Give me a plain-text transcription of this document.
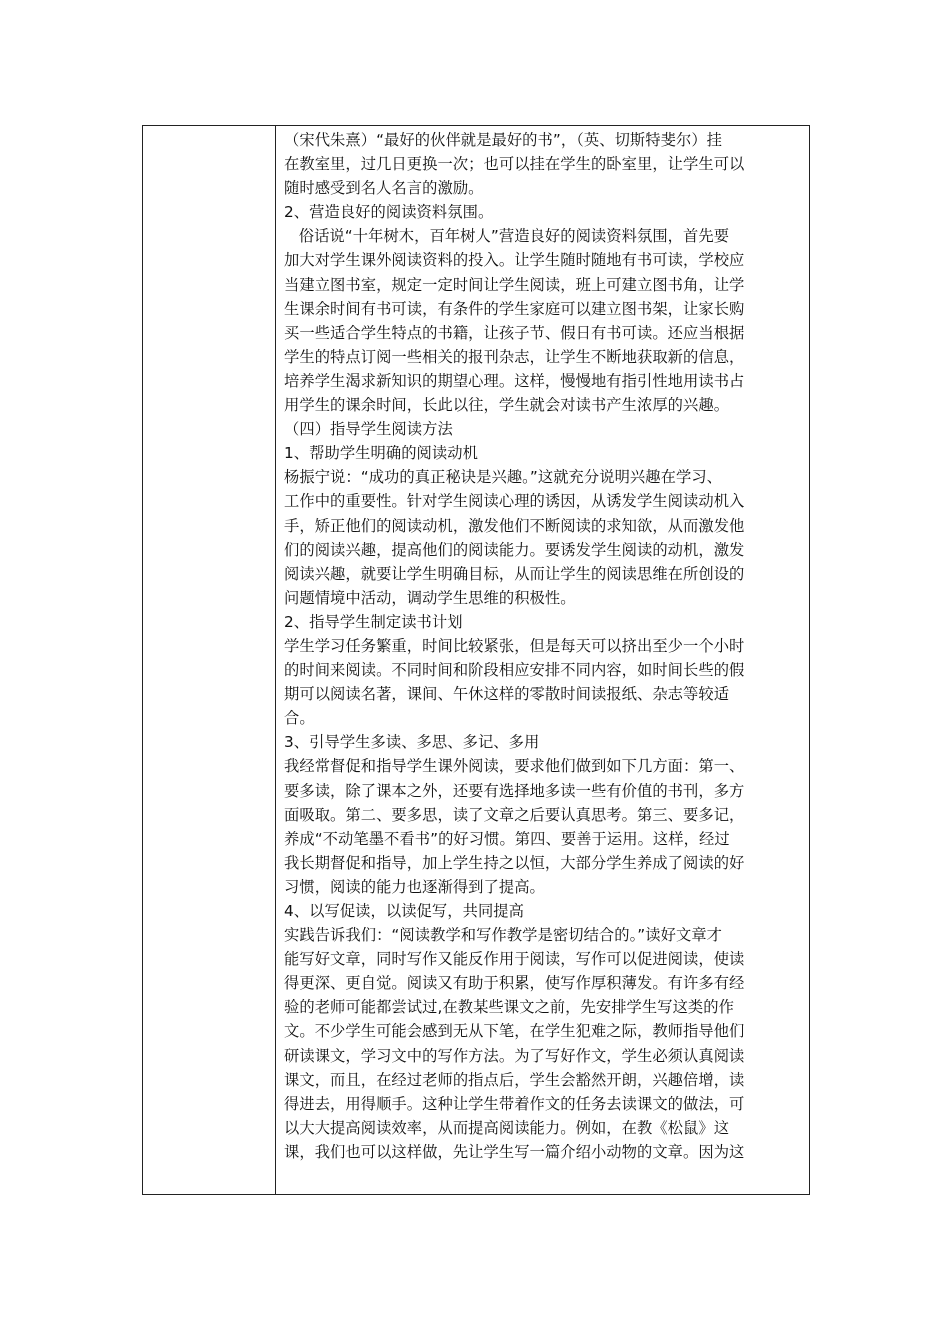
（宋代朱熹）“最好的伙伴就是最好的书”，（英、切斯特斐尔）挂
在教室里，过几日更换一次；也可以挂在学生的卧室里，让学生可以
随时感受到名人名言的激励。
2、营造良好的阅读资料氛围。
俗话说“十年树木，百年树人”营造良好的阅读资料氛围，首先要
加大对学生课外阅读资料的投入。让学生随时随地有书可读，学校应
当建立图书室，规定一定时间让学生阅读，班上可建立图书角，让学
生课余时间有书可读，有条件的学生家庭可以建立图书架，让家长购
买一些适合学生特点的书籍，让孩子节、假日有书可读。还应当根据
学生的特点订阅一些相关的报刊杂志，让学生不断地获取新的信息，
培养学生渴求新知识的期望心理。这样，慢慢地有指引性地用读书占
用学生的课余时间，长此以往，学生就会对读书产生浓厚的兴趣。
（四）指导学生阅读方法
1、帮助学生明确的阅读动机
杨振宁说：“成功的真正秘诀是兴趣。”这就充分说明兴趣在学习、
工作中的重要性。针对学生阅读心理的诱因，从诱发学生阅读动机入
手，矫正他们的阅读动机，激发他们不断阅读的求知欲，从而激发他
们的阅读兴趣，提高他们的阅读能力。要诱发学生阅读的动机，激发
阅读兴趣，就要让学生明确目标，从而让学生的阅读思维在所创设的
问题情境中活动，调动学生思维的积极性。
2、指导学生制定读书计划
学生学习任务繁重，时间比较紧张，但是每天可以挤出至少一个小时
的时间来阅读。不同时间和阶段相应安排不同内容，如时间长些的假
期可以阅读名著，课间、午休这样的零散时间读报纸、杂志等较适
合。
3、引导学生多读、多思、多记、多用
我经常督促和指导学生课外阅读，要求他们做到如下几方面：第一、
要多读，除了课本之外，还要有选择地多读一些有价值的书刊，多方
面吸取。第二、要多思，读了文章之后要认真思考。第三、要多记，
养成“不动笔墨不看书”的好习惯。第四、要善于运用。这样，经过
我长期督促和指导，加上学生持之以恒，大部分学生养成了阅读的好
习惯，阅读的能力也逐渐得到了提高。
4、以写促读，以读促写，共同提高
实践告诉我们：“阅读教学和写作教学是密切结合的。”读好文章才
能写好文章，同时写作又能反作用于阅读，写作可以促进阅读，使读
得更深、更自觉。阅读又有助于积累，使写作厚积薄发。有许多有经
验的老师可能都尝试过,在教某些课文之前，先安排学生写这类的作
文。不少学生可能会感到无从下笔，在学生犯难之际，教师指导他们
研读课文，学习文中的写作方法。为了写好作文，学生必须认真阅读
课文，而且，在经过老师的指点后，学生会豁然开朗，兴趣倍增，读
得进去，用得顺手。这种让学生带着作文的任务去读课文的做法，可
以大大提高阅读效率，从而提高阅读能力。例如，在教《松鼠》这
课，我们也可以这样做，先让学生写一篇介绍小动物的文章。因为这
